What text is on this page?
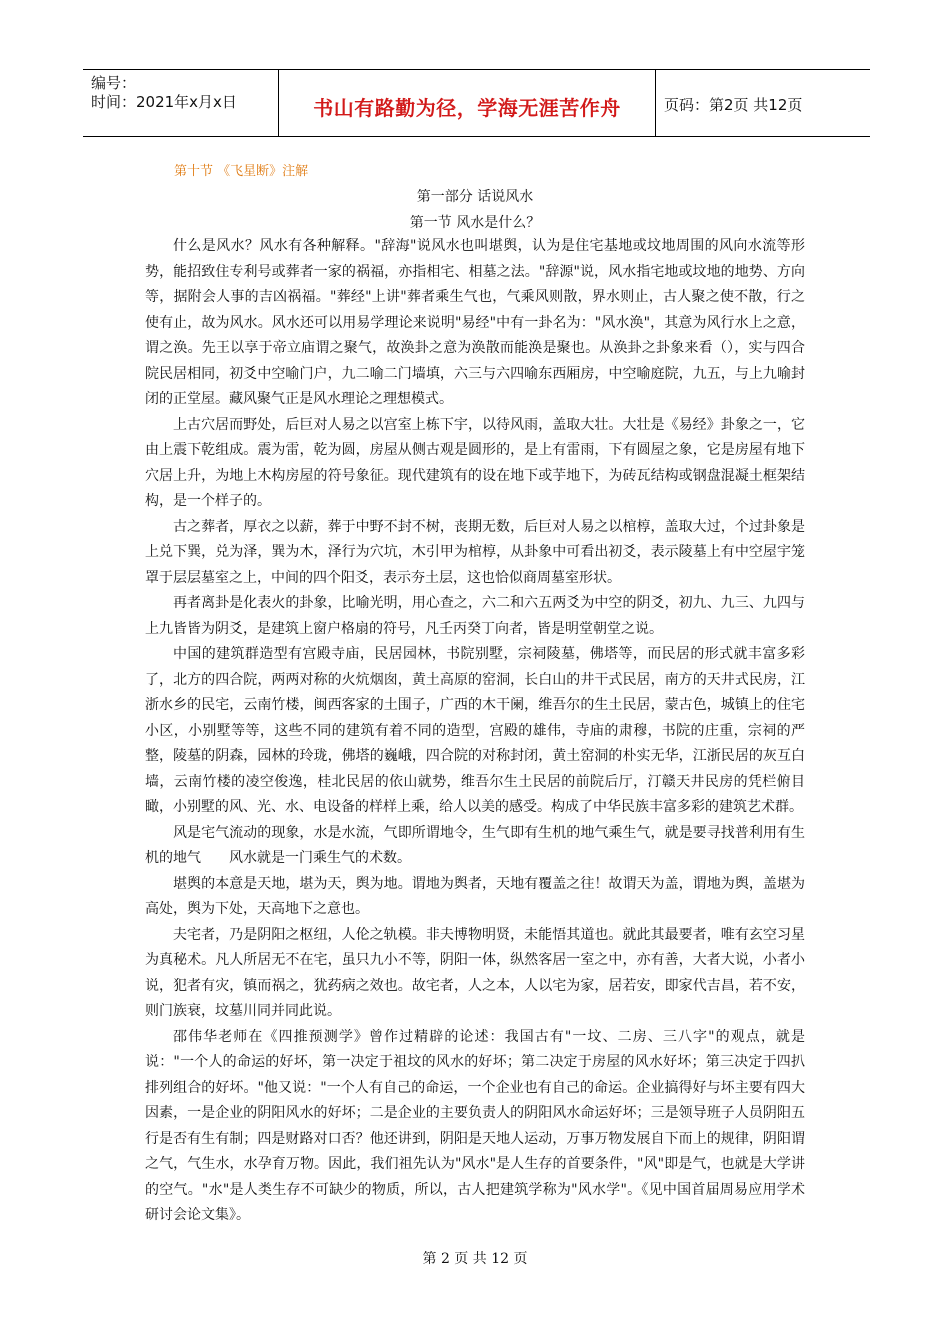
编号：
时间：2021年x月x日	书山有路勤为径，学海无涯苦作舟	页码：第2页 共12页
第十节 《飞星断》注解
第一部分 话说风水
第一节 风水是什么？

什么是风水？风水有各种解释。"辞海"说风水也叫堪舆，认为是住宅基地或坟地周围的风向水流等形势，能招致住专利号或葬者一家的祸福，亦指相宅、相墓之法。"辞源"说，风水指宅地或坟地的地势、方向等，据附会人事的吉凶祸福。"葬经"上讲"葬者乘生气也，气乘风则散，界水则止，古人聚之使不散，行之使有止，故为风水。风水还可以用易学理论来说明"易经"中有一卦名为："风水涣"，其意为风行水上之意，谓之涣。先王以享于帝立庙谓之聚气，故涣卦之意为涣散而能涣是聚也。从涣卦之卦象来看（），实与四合院民居相同，初爻中空喻门户，九二喻二门墙填，六三与六四喻东西厢房，中空喻庭院，九五，与上九喻封闭的正堂屋。藏风聚气正是风水理论之理想模式。

上古穴居而野处，后巨对人易之以宫室上栋下宇，以待风雨，盖取大壮。大壮是《易经》卦象之一，它由上震下乾组成。震为雷，乾为圆，房屋从侧古观是圆形的，是上有雷雨，下有圆屋之象，它是房屋有地下穴居上升，为地上木构房屋的符号象征。现代建筑有的设在地下或芋地下，为砖瓦结构或钢盘混凝土框架结构，是一个样子的。

古之葬者，厚衣之以薪，葬于中野不封不树，丧期无数，后巨对人易之以棺椁，盖取大过，个过卦象是上兑下巽，兑为泽，巽为木，泽行为穴坑，木引甲为棺椁，从卦象中可看出初爻，表示陵墓上有中空屋宇笼罩于层层墓室之上，中间的四个阳爻，表示夯土层，这也恰似商周墓室形状。

再者离卦是化表火的卦象，比喻光明，用心查之，六二和六五两爻为中空的阴爻，初九、九三、九四与上九皆皆为阴爻，是建筑上窗户格扇的符号，凡壬丙癸丁向者，皆是明堂朝堂之说。

中国的建筑群造型有宫殿寺庙，民居园林，书院别墅，宗祠陵墓，佛塔等，而民居的形式就丰富多彩了，北方的四合院，两两对称的火炕烟囱，黄土高原的窑洞，长白山的井干式民居，南方的天井式民房，江浙水乡的民宅，云南竹楼，闽西客家的土围子，广西的木干阑，维吾尔的生土民居，蒙古色，城镇上的住宅小区，小别墅等等，这些不同的建筑有着不同的造型，宫殿的雄伟，寺庙的肃穆，书院的庄重，宗祠的严整，陵墓的阴森，园林的玲珑，佛塔的巍峨，四合院的对称封闭，黄土窑洞的朴实无华，江浙民居的灰互白墙，云南竹楼的凌空俊逸，桂北民居的依山就势，维吾尔生土民居的前院后厅，汀赣天井民房的凭栏俯目瞰，小别墅的风、光、水、电设备的样样上乘，给人以美的感受。构成了中华民族丰富多彩的建筑艺术群。

风是宅气流动的现象，水是水流，气即所谓地令，生气即有生机的地气乘生气，就是要寻找普利用有生机的地气　　风水就是一门乘生气的术数。

堪舆的本意是天地，堪为天，舆为地。谓地为舆者，天地有覆盖之往！故谓天为盖，谓地为舆，盖堪为高处，舆为下处，天高地下之意也。

夫宅者，乃是阴阳之枢纽，人伦之轨模。非夫博物明贤，未能悟其道也。就此其最要者，唯有玄空习星为真秘术。凡人所居无不在宅，虽只九小不等，阴阳一体，纵然客居一室之中，亦有善，大者大说，小者小说，犯者有灾，镇而祸之，犹药病之效也。故宅者，人之本，人以宅为家，居若安，即家代吉昌，若不安，则门族衰，坟墓川同并同此说。

邵伟华老师在《四推预测学》曾作过精辟的论述：我国古有"一坟、二房、三八字"的观点，就是说："一个人的命运的好坏，第一决定于祖坟的风水的好坏；第二决定于房屋的风水好坏；第三决定于四扒排列组合的好坏。"他又说："一个人有自己的命运，一个企业也有自己的命运。企业搞得好与坏主要有四大因素，一是企业的阴阳风水的好坏；二是企业的主要负责人的阴阳风水命运好坏；三是领导班子人员阴阳五行是否有生有制；四是财路对口否？他还讲到，阴阳是天地人运动，万事万物发展自下而上的规律，阴阳谓之气，气生水，水孕育万物。因此，我们祖先认为"风水"是人生存的首要条件，"风"即是气，也就是大学讲的空气。"水"是人类生存不可缺少的物质，所以，古人把建筑学称为"风水学"。《见中国首届周易应用学术研讨会论文集》。

第 2 页 共 12 页
